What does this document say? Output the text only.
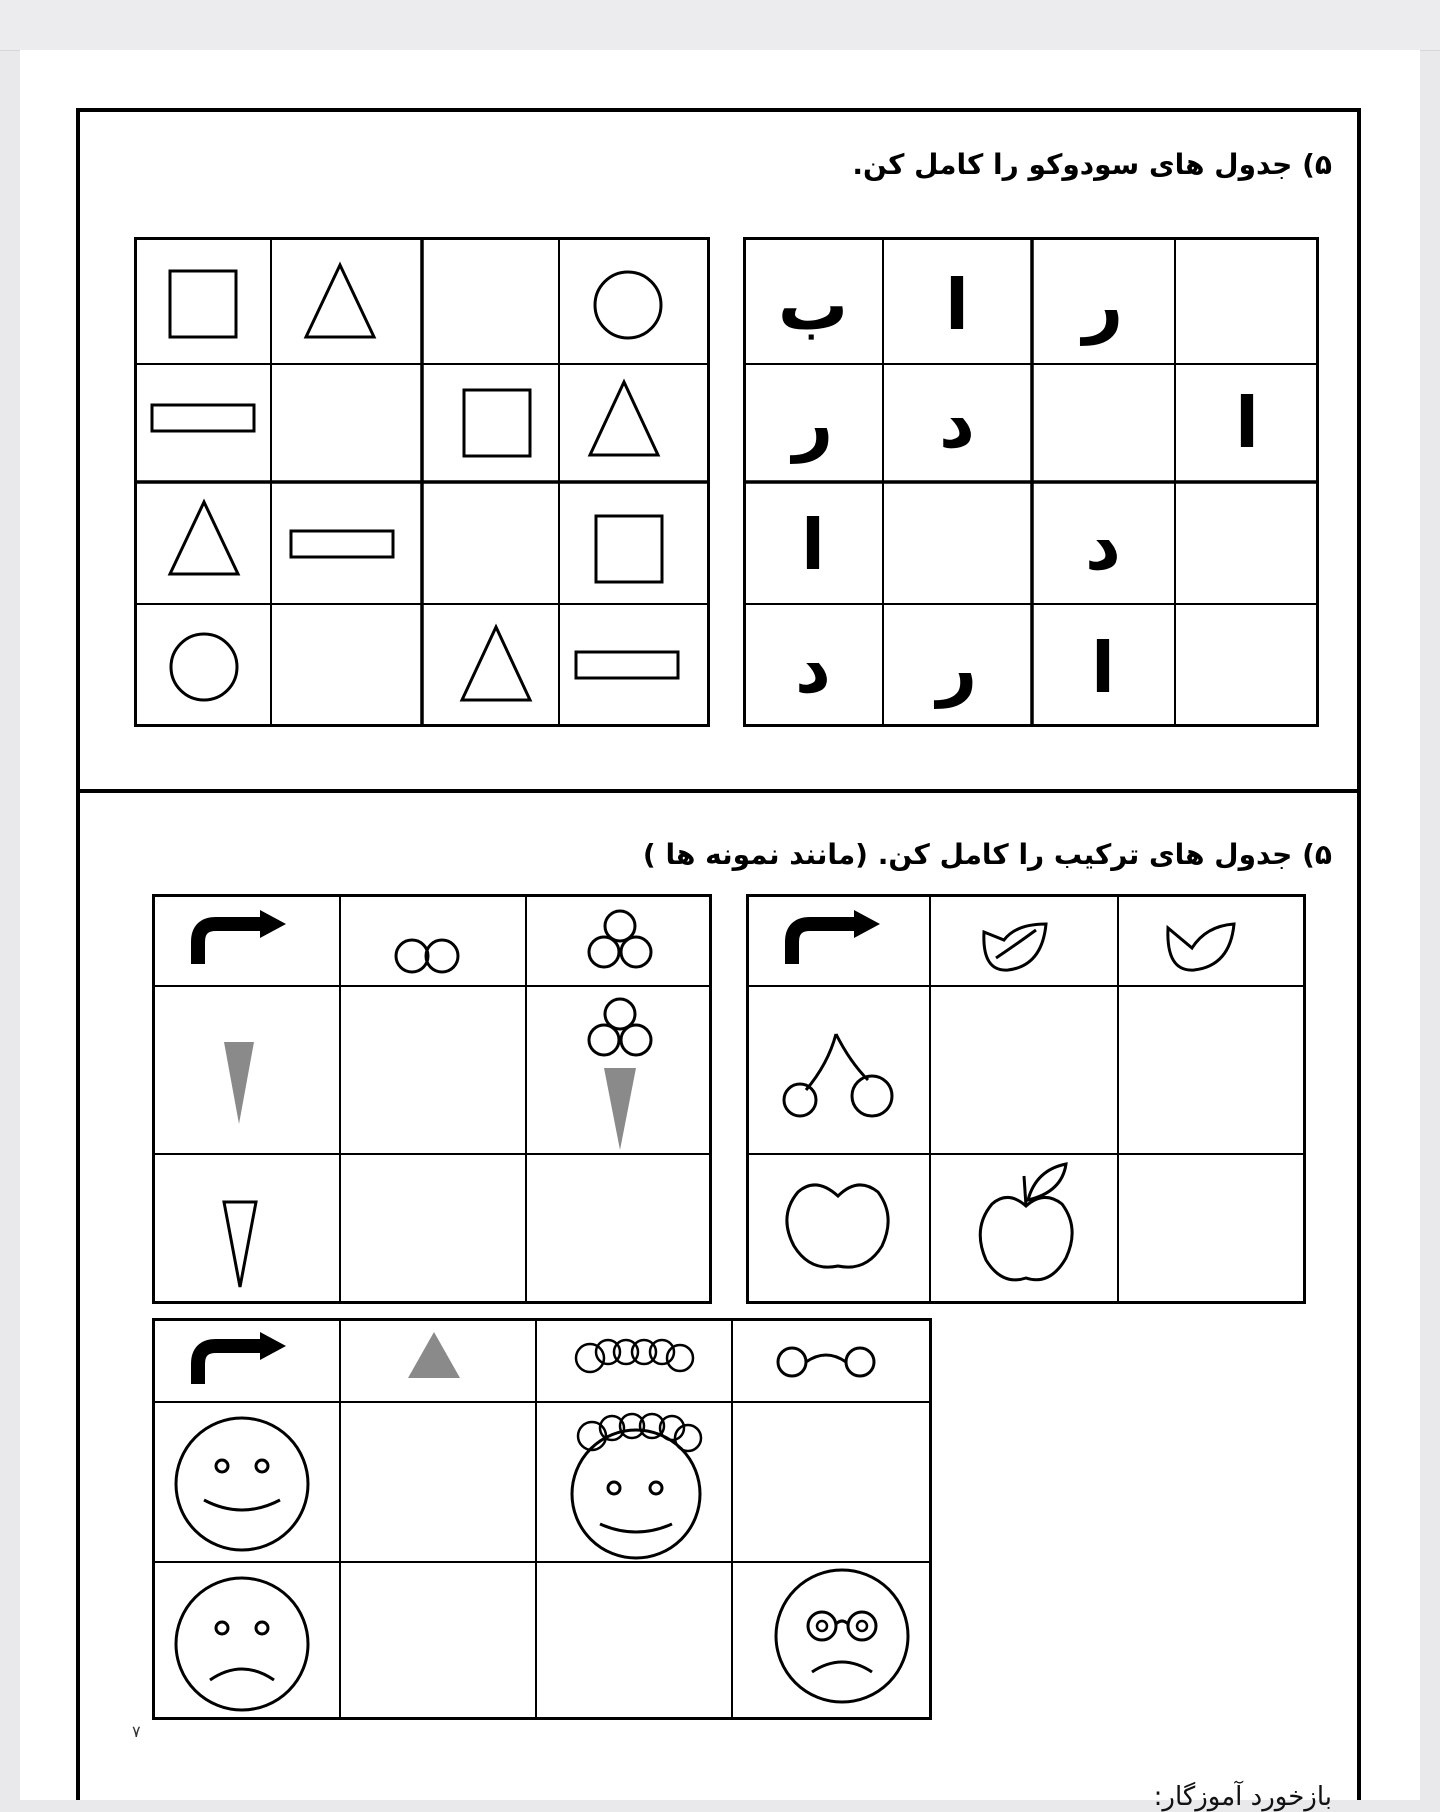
۵) جدول های سودوکو را کامل کن.
ب ا ر
ر د	ا
ا	د
د ر ا
۵) جدول های ترکیب را کامل کن. (مانند نمونه ها )
۷
بازخورد آموزگار:
